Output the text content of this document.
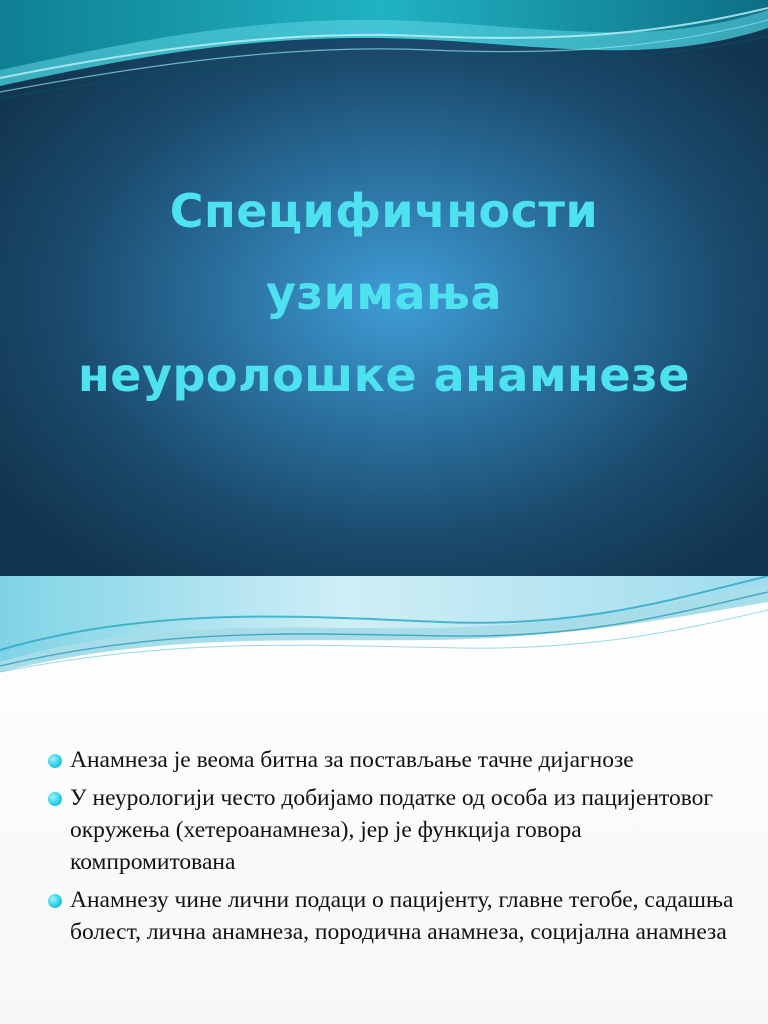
Специфичности
узимања
неуролошке анамнезе
Анамнеза је веома битна за постављање тачне дијагнозе
У неурологији често добијамо податке од особа из пацијентовог окружења (хетероанамнеза), јер је функција говора компромитована
Анамнезу чине лични подаци о пацијенту, главне тегобе, садашња болест, лична анамнеза, породична анамнеза, социјална анамнеза
